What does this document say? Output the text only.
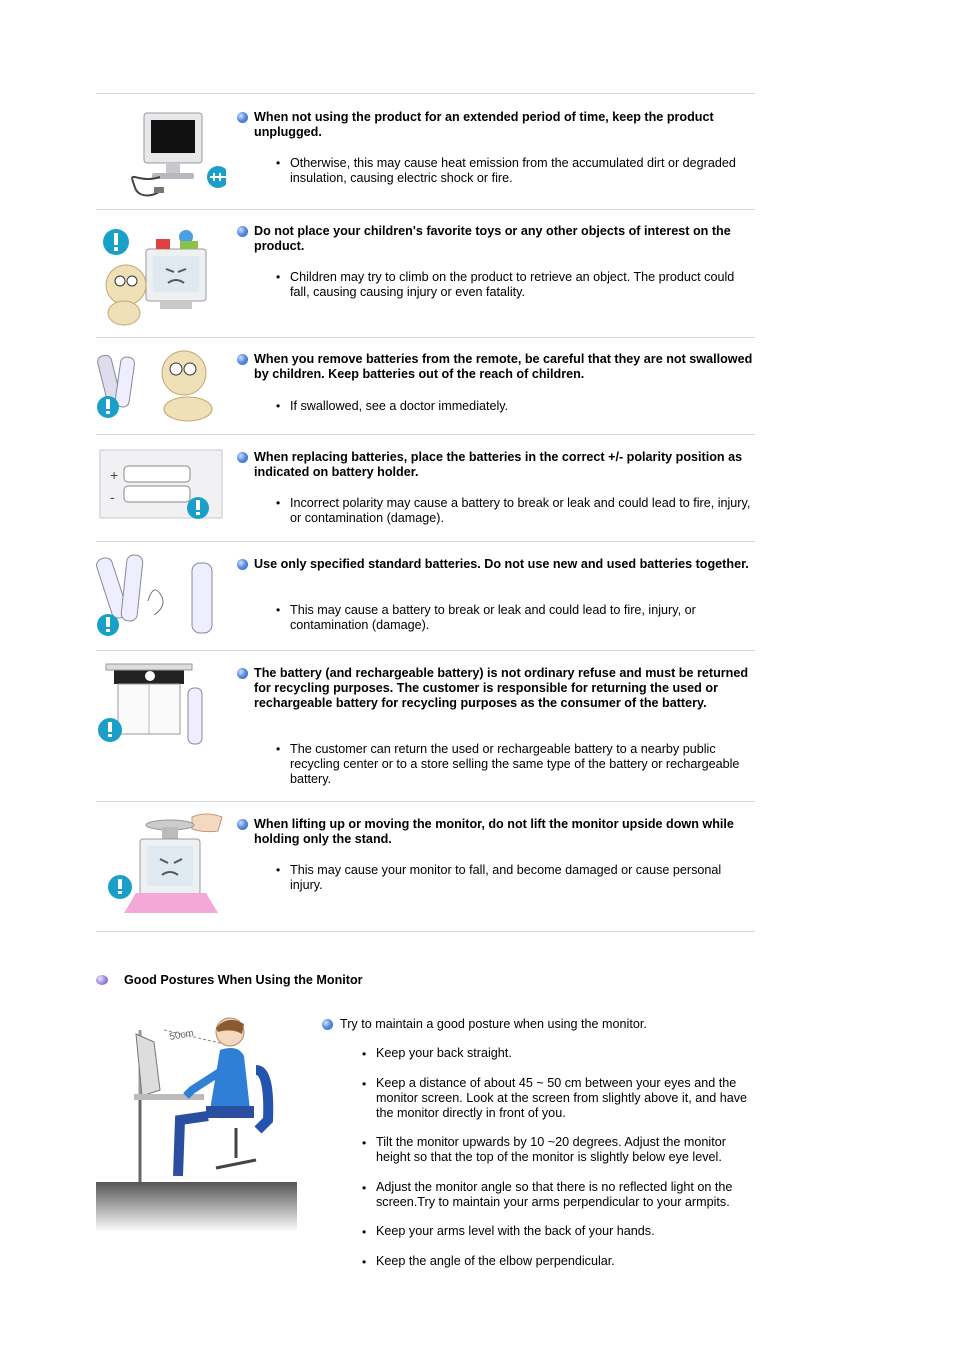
When not using the product for an extended period of time, keep the product unplugged.
• Otherwise, this may cause heat emission from the accumulated dirt or degraded insulation, causing electric shock or fire.
Do not place your children's favorite toys or any other objects of interest on the product.
• Children may try to climb on the product to retrieve an object. The product could fall, causing causing injury or even fatality.
When you remove batteries from the remote, be careful that they are not swallowed by children. Keep batteries out of the reach of children.
• If swallowed, see a doctor immediately.
+
-
When replacing batteries, place the batteries in the correct +/- polarity position as indicated on battery holder.
• Incorrect polarity may cause a battery to break or leak and could lead to fire, injury, or contamination (damage).
Use only specified standard batteries. Do not use new and used batteries together.
• This may cause a battery to break or leak and could lead to fire, injury, or contamination (damage).
The battery (and rechargeable battery) is not ordinary refuse and must be returned for recycling purposes. The customer is responsible for returning the used or rechargeable battery for recycling purposes as the consumer of the battery.
• The customer can return the used or rechargeable battery to a nearby public recycling center or to a store selling the same type of the battery or rechargeable battery.
When lifting up or moving the monitor, do not lift the monitor upside down while holding only the stand.
• This may cause your monitor to fall, and become damaged or cause personal injury.
Good Postures When Using the Monitor
50cm
Try to maintain a good posture when using the monitor.
• Keep your back straight.
• Keep a distance of about 45 ~ 50 cm between your eyes and the monitor screen. Look at the screen from slightly above it, and have the monitor directly in front of you.
• Tilt the monitor upwards by 10 ~20 degrees. Adjust the monitor height so that the top of the monitor is slightly below eye level.
• Adjust the monitor angle so that there is no reflected light on the screen.Try to maintain your arms perpendicular to your armpits.
• Keep your arms level with the back of your hands.
• Keep the angle of the elbow perpendicular.
